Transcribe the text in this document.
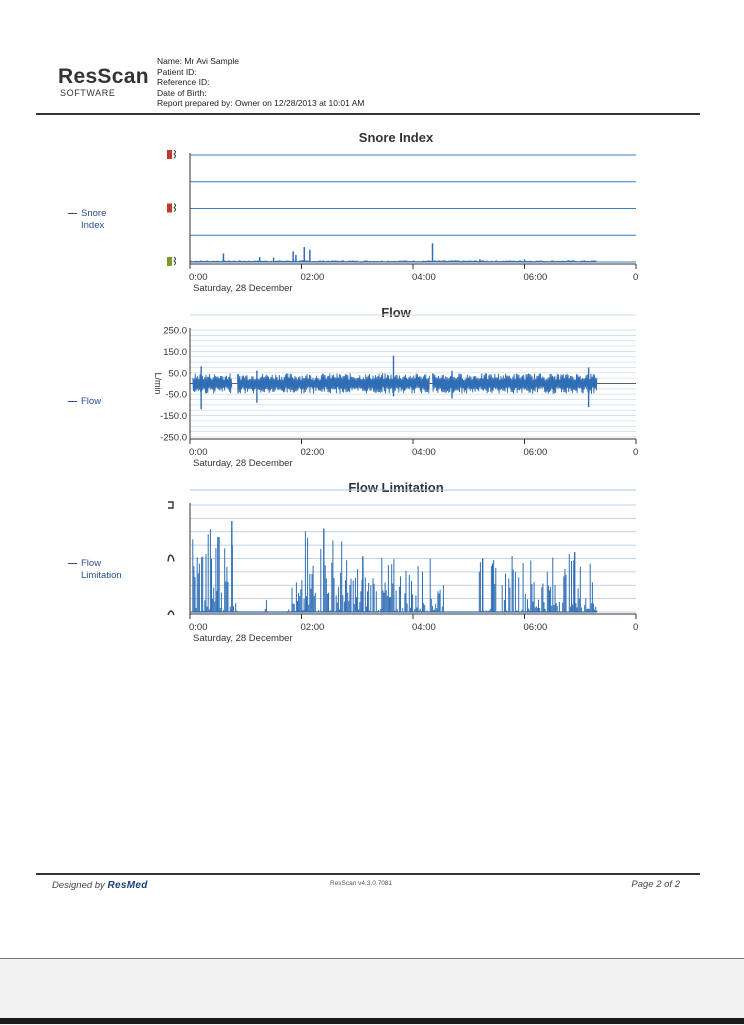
ResScan
SOFTWARE
Name: Mr Avi Sample
Patient ID:
Reference ID:
Date of Birth:
Report prepared by: Owner on 12/28/2013 at 10:01 AM
Snore Index
Snore
Index
0:00	02:00	04:00	06:00	0
Saturday, 28 December
Flow
Flow
0:00	02:00	04:00	06:00	0
Saturday, 28 December
250.0
150.0
50.0
-50.0
-150.0
-250.0
L/min
Flow Limitation
Flow
Limitation
0:00	02:00	04:00	06:00	0
Saturday, 28 December
Designed by ResMed	ResScan v4.3.0.7081	Page 2 of 2
